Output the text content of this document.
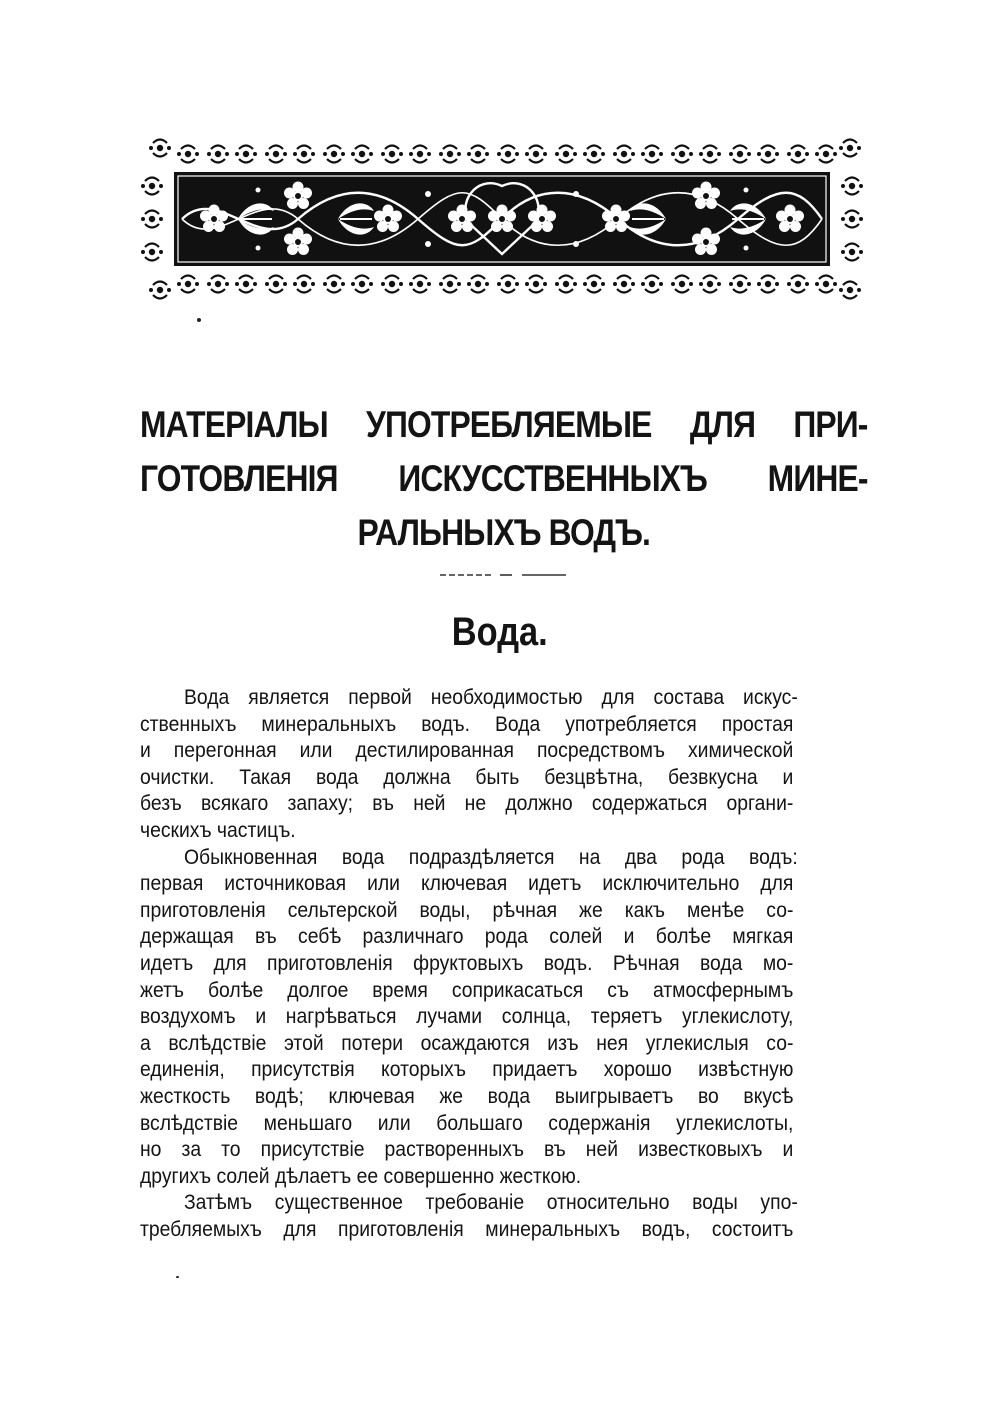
МАТЕРІАЛЫ УПОТРЕБЛЯЕМЫЕ ДЛЯ ПРИ-
ГОТОВЛЕНІЯ ИСКУССТВЕННЫХЪ МИНЕ-
РАЛЬНЫХЪ ВОДЪ.
Вода.
Вода является первой необходимостью для состава искус-
ственныхъ минеральныхъ водъ. Вода употребляется простая
и перегонная или дестилированная посредствомъ химической
очистки. Такая вода должна быть безцвѣтна, безвкусна и
безъ всякаго запаху; въ ней не должно содержаться органи-
ческихъ частицъ.
Обыкновенная вода подраздѣляется на два рода водъ:
первая источниковая или ключевая идетъ исключительно для
приготовленія сельтерской воды, рѣчная же какъ менѣе со-
держащая въ себѣ различнаго рода солей и болѣе мягкая
идетъ для приготовленія фруктовыхъ водъ. Рѣчная вода мо-
жетъ болѣе долгое время соприкасаться съ атмосфернымъ
воздухомъ и нагрѣваться лучами солнца, теряетъ углекислоту,
а вслѣдствіе этой потери осаждаются изъ нея углекислыя со-
единенія, присутствія которыхъ придаетъ хорошо извѣстную
жесткость водѣ; ключевая же вода выигрываетъ во вкусѣ
вслѣдствіе меньшаго или большаго содержанія углекислоты,
но за то присутствіе растворенныхъ въ ней известковыхъ и
другихъ солей дѣлаетъ ее совершенно жесткою.
Затѣмъ существенное требованіе относительно воды упо-
требляемыхъ для приготовленія минеральныхъ водъ, состоитъ
